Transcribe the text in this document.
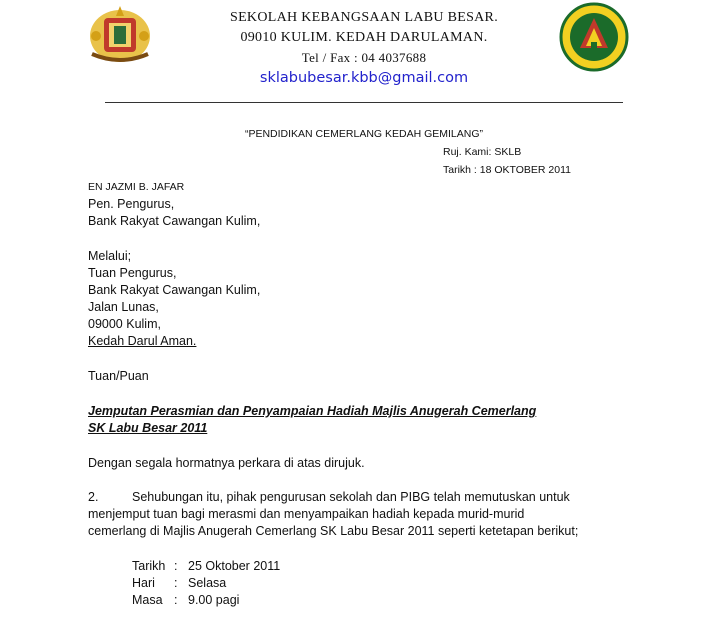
SEKOLAH KEBANGSAAN LABU BESAR.
09010 KULIM. KEDAH DARULAMAN.
Tel / Fax : 04 4037688
sklabubesar.kbb@gmail.com
“PENDIDIKAN CEMERLANG KEDAH GEMILANG”
Ruj. Kami: SKLB
Tarikh : 18 OKTOBER 2011
EN JAZMI B. JAFAR
Pen. Pengurus,
Bank Rakyat Cawangan Kulim,
Melalui;
Tuan Pengurus,
Bank Rakyat Cawangan Kulim,
Jalan Lunas,
09000 Kulim,
Kedah Darul Aman.
Tuan/Puan
Jemputan Perasmian dan Penyampaian Hadiah Majlis Anugerah Cemerlang
SK Labu Besar 2011
Dengan segala hormatnya perkara di atas dirujuk.
2.	Sehubungan itu, pihak pengurusan sekolah dan PIBG telah memutuskan untuk
menjemput tuan bagi merasmi dan menyampaikan hadiah kepada murid-murid
cemerlang di Majlis Anugerah Cemerlang SK Labu Besar 2011 seperti ketetapan berikut;
Tarikh : 25 Oktober 2011
Hari : Selasa
Masa : 9.00 pagi
